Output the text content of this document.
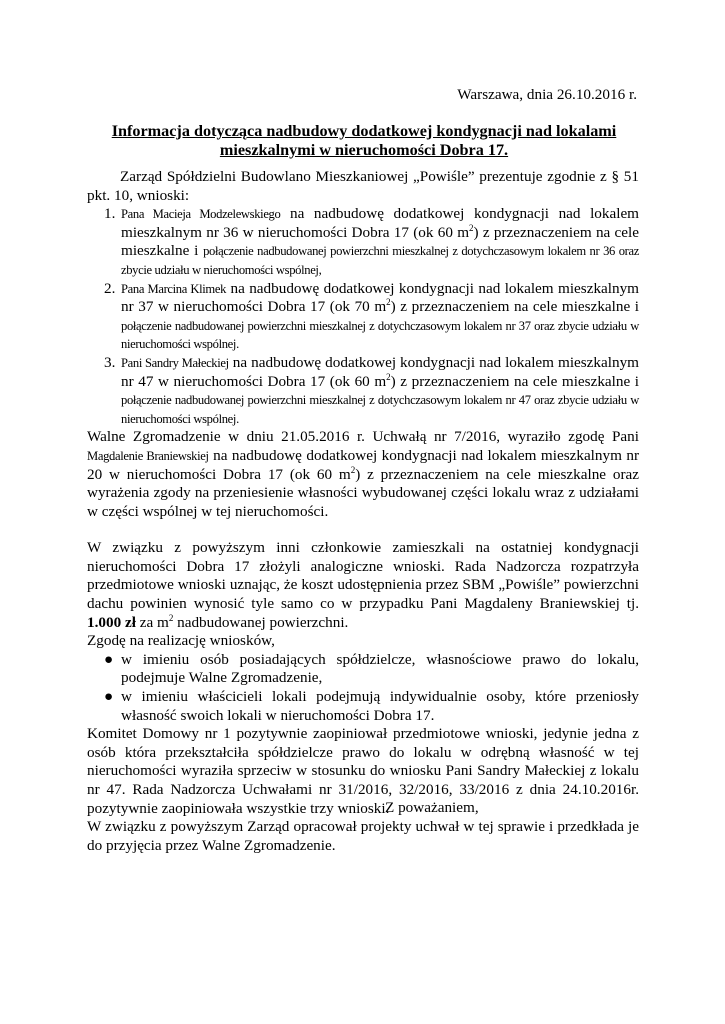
Warszawa, dnia 26.10.2016 r.
Informacja dotycząca nadbudowy dodatkowej kondygnacji nad lokalami
mieszkalnymi w nieruchomości Dobra 17.

Zarząd Spółdzielni Budowlano Mieszkaniowej „Powiśle” prezentuje zgodnie z § 51 pkt. 10, wnioski:

1. Pana Macieja Modzelewskiego na nadbudowę dodatkowej kondygnacji nad lokalem mieszkalnym nr 36 w nieruchomości Dobra 17 (ok 60 $m^2$) z przeznaczeniem na cele mieszkalne i połączenie nadbudowanej powierzchni mieszkalnej z dotychczasowym lokalem nr 36 oraz zbycie udziału w nieruchomości wspólnej,

2. Pana Marcina Klimek na nadbudowę dodatkowej kondygnacji nad lokalem mieszkalnym nr 37 w nieruchomości Dobra 17 (ok 70 $m^2$) z przeznaczeniem na cele mieszkalne i połączenie nadbudowanej powierzchni mieszkalnej z dotychczasowym lokalem nr 37 oraz zbycie udziału w nieruchomości wspólnej.

3. Pani Sandry Małeckiej na nadbudowę dodatkowej kondygnacji nad lokalem mieszkalnym nr 47 w nieruchomości Dobra 17 (ok 60 $m^2$) z przeznaczeniem na cele mieszkalne i połączenie nadbudowanej powierzchni mieszkalnej z dotychczasowym lokalem nr 47 oraz zbycie udziału w nieruchomości wspólnej.

Walne Zgromadzenie w dniu 21.05.2016 r. Uchwałą nr 7/2016, wyraziło zgodę Pani Magdalenie Braniewskiej na nadbudowę dodatkowej kondygnacji nad lokalem mieszkalnym nr 20 w nieruchomości Dobra 17 (ok 60 $m^2$) z przeznaczeniem na cele mieszkalne oraz wyrażenia zgody na przeniesienie własności wybudowanej części lokalu wraz z udziałami w części wspólnej w tej nieruchomości.

W związku z powyższym inni członkowie zamieszkali na ostatniej kondygnacji nieruchomości Dobra 17 złożyli analogiczne wnioski. Rada Nadzorcza rozpatrzyła przedmiotowe wnioski uznając, że koszt udostępnienia przez SBM „Powiśle” powierzchni dachu powinien wynosić tyle samo co w przypadku Pani Magdaleny Braniewskiej tj. 1.000 zł za $m^2$ nadbudowanej powierzchni.

Zgodę na realizację wniosków,

● w imieniu osób posiadających spółdzielcze, własnościowe prawo do lokalu, podejmuje Walne Zgromadzenie,
● w imieniu właścicieli lokali podejmują indywidualnie osoby, które przeniosły własność swoich lokali w nieruchomości Dobra 17.

Komitet Domowy nr 1 pozytywnie zaopiniował przedmiotowe wnioski, jedynie jedna z osób która przekształciła spółdzielcze prawo do lokalu w odrębną własność w tej nieruchomości wyraziła sprzeciw w stosunku do wniosku Pani Sandry Małeckiej z lokalu nr 47. Rada Nadzorcza Uchwałami nr 31/2016, 32/2016, 33/2016 z dnia 24.10.2016r. pozytywnie zaopiniowała wszystkie trzy wnioski.

W związku z powyższym Zarząd opracował projekty uchwał w tej sprawie i przedkłada je do przyjęcia przez Walne Zgromadzenie.

Z poważaniem,
